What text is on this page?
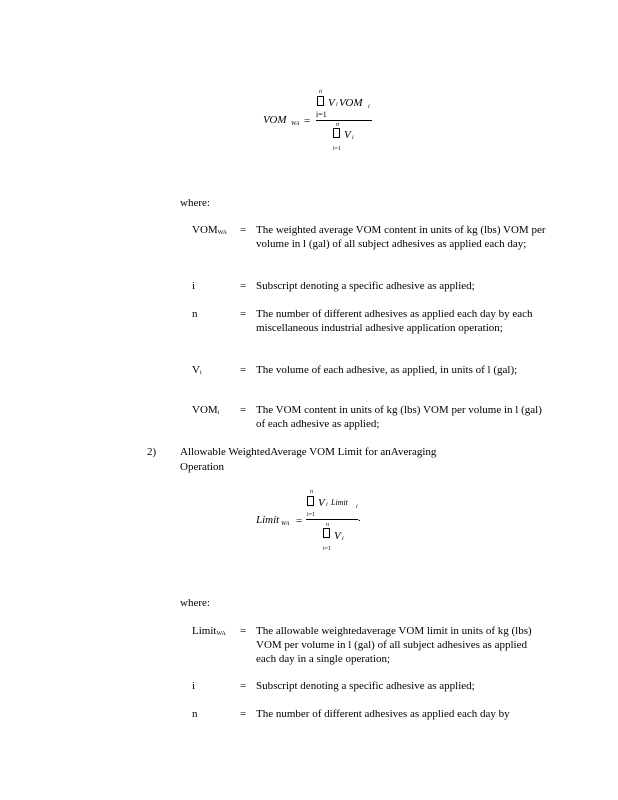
VOM WA =
n
V i VOM i
i=1
n
V i
i=1
where:
$VOM_{WA}$ = The weighted average VOM content in units of kg (lbs) VOM per volume in l (gal) of all subject adhesives as applied each day;
i	= Subscript denoting a specific adhesive as applied;
n	= The number of different adhesives as applied each day by each miscellaneous industrial adhesive application operation;
$V_i$	= The volume of each adhesive, as applied, in units of l (gal);
$VOM_i$ = The VOM content in units of kg (lbs) VOM per volume in l (gal) of each adhesive as applied;
2) Allowable WeightedAverage VOM Limit for anAveraging
Operation
Limit WA =
n
V i Limit i
i=1	.
n
V i
i=1
where:
Limit$_{WA}$ = The allowable weightedaverage VOM limit in units of kg (lbs) VOM per volume in l (gal) of all subject adhesives as applied each day in a single operation;
i	= Subscript denoting a specific adhesive as applied;
n	= The number of different adhesives as applied each day by
